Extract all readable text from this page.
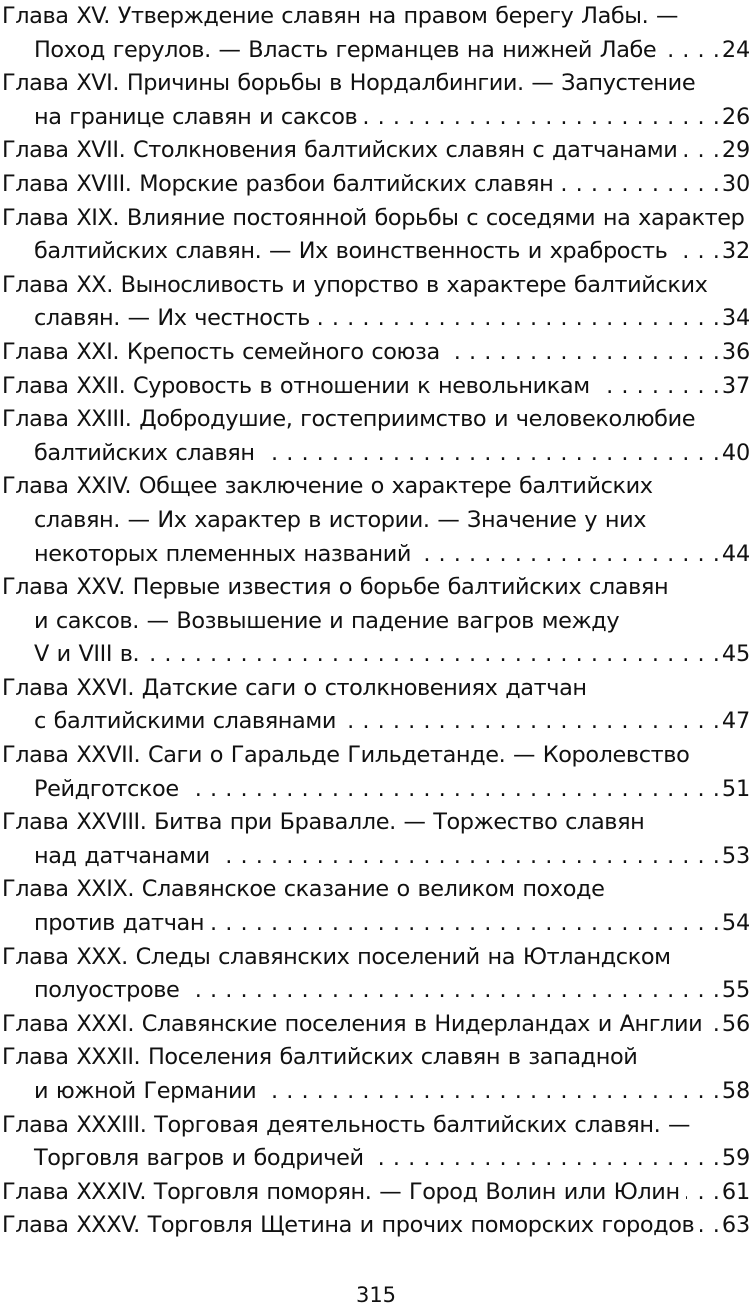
Глава XV. Утверждение славян на правом берегу Лабы. —
Поход герулов. — Власть германцев на нижней Лабе . . .	24
Глава XVI. Причины борьбы в Нордалбингии. — Запустение
на границе славян и саксов . . .	26
Глава XVII. Столкновения балтийских славян с датчанами . . . 29
Глава XVIII. Морские разбои балтийских славян . . .	30
Глава XIX. Влияние постоянной борьбы с соседями на характер
балтийских славян. — Их воинственность и храбрость . . . 32
Глава XX. Выносливость и упорство в характере балтийских
славян. — Их честность . . .	34
Глава XXI. Крепость семейного союза . . .	36
Глава XXII. Суровость в отношении к невольникам . . .	37
Глава XXIII. Добродушие, гостеприимство и человеколюбие
балтийских славян . . .	40
Глава XXIV. Общее заключение о характере балтийских
славян. — Их характер в истории. — Значение у них
некоторых племенных названий . . .	44
Глава XXV. Первые известия о борьбе балтийских славян
и саксов. — Возвышение и падение вагров между
V и VIII в. . . .	45
Глава XXVI. Датские саги о столкновениях датчан
с балтийскими славянами . . .	47
Глава XXVII. Саги о Гаральде Гильдетанде. — Королевство
Рейдготское . . .	51
Глава XXVIII. Битва при Бравалле. — Торжество славян
над датчанами . . .	53
Глава XXIX. Славянское сказание о великом походе
против датчан . . .	54
Глава XXX. Следы славянских поселений на Ютландском
полуострове . . .	55
Глава XXXI. Славянские поселения в Нидерландах и Англии . . . 56
Глава XXXII. Поселения балтийских славян в западной
и южной Германии . . .	58
Глава XXXIII. Торговая деятельность балтийских славян. —
Торговля вагров и бодричей . . .	59
Глава XXXIV. Торговля поморян. — Город Волин или Юлин . . . 61
Глава XXXV. Торговля Щетина и прочих поморских городов . . . 63
315
